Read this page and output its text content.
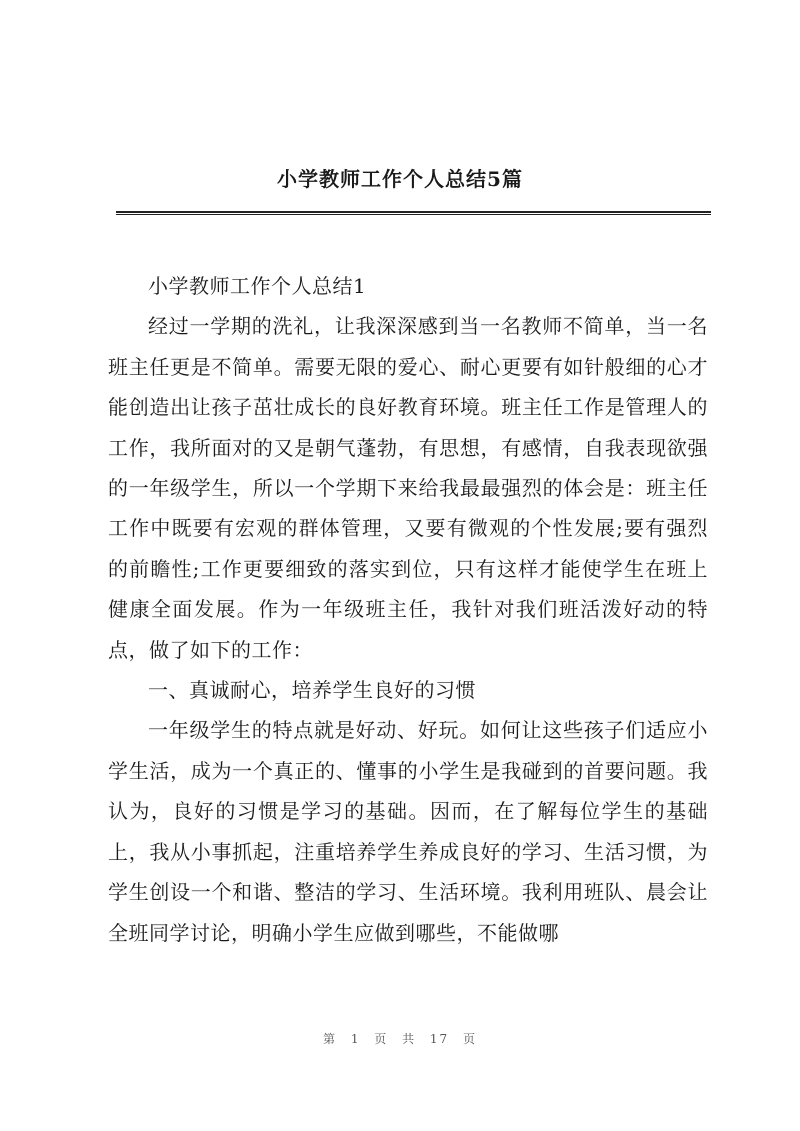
小学教师工作个人总结5篇

小学教师工作个人总结1

经过一学期的洗礼，让我深深感到当一名教师不简单，当一名班主任更是不简单。需要无限的爱心、耐心更要有如针般细的心才能创造出让孩子茁壮成长的良好教育环境。班主任工作是管理人的工作，我所面对的又是朝气蓬勃，有思想，有感情，自我表现欲强的一年级学生，所以一个学期下来给我最最强烈的体会是：班主任工作中既要有宏观的群体管理，又要有微观的个性发展;要有强烈的前瞻性;工作更要细致的落实到位，只有这样才能使学生在班上健康全面发展。作为一年级班主任，我针对我们班活泼好动的特点，做了如下的工作：

一、真诚耐心，培养学生良好的习惯

一年级学生的特点就是好动、好玩。如何让这些孩子们适应小学生活，成为一个真正的、懂事的小学生是我碰到的首要问题。我认为，良好的习惯是学习的基础。因而，在了解每位学生的基础上，我从小事抓起，注重培养学生养成良好的学习、生活习惯，为学生创设一个和谐、整洁的学习、生活环境。我利用班队、晨会让全班同学讨论，明确小学生应做到哪些，不能做哪

第 1 页 共 17 页
